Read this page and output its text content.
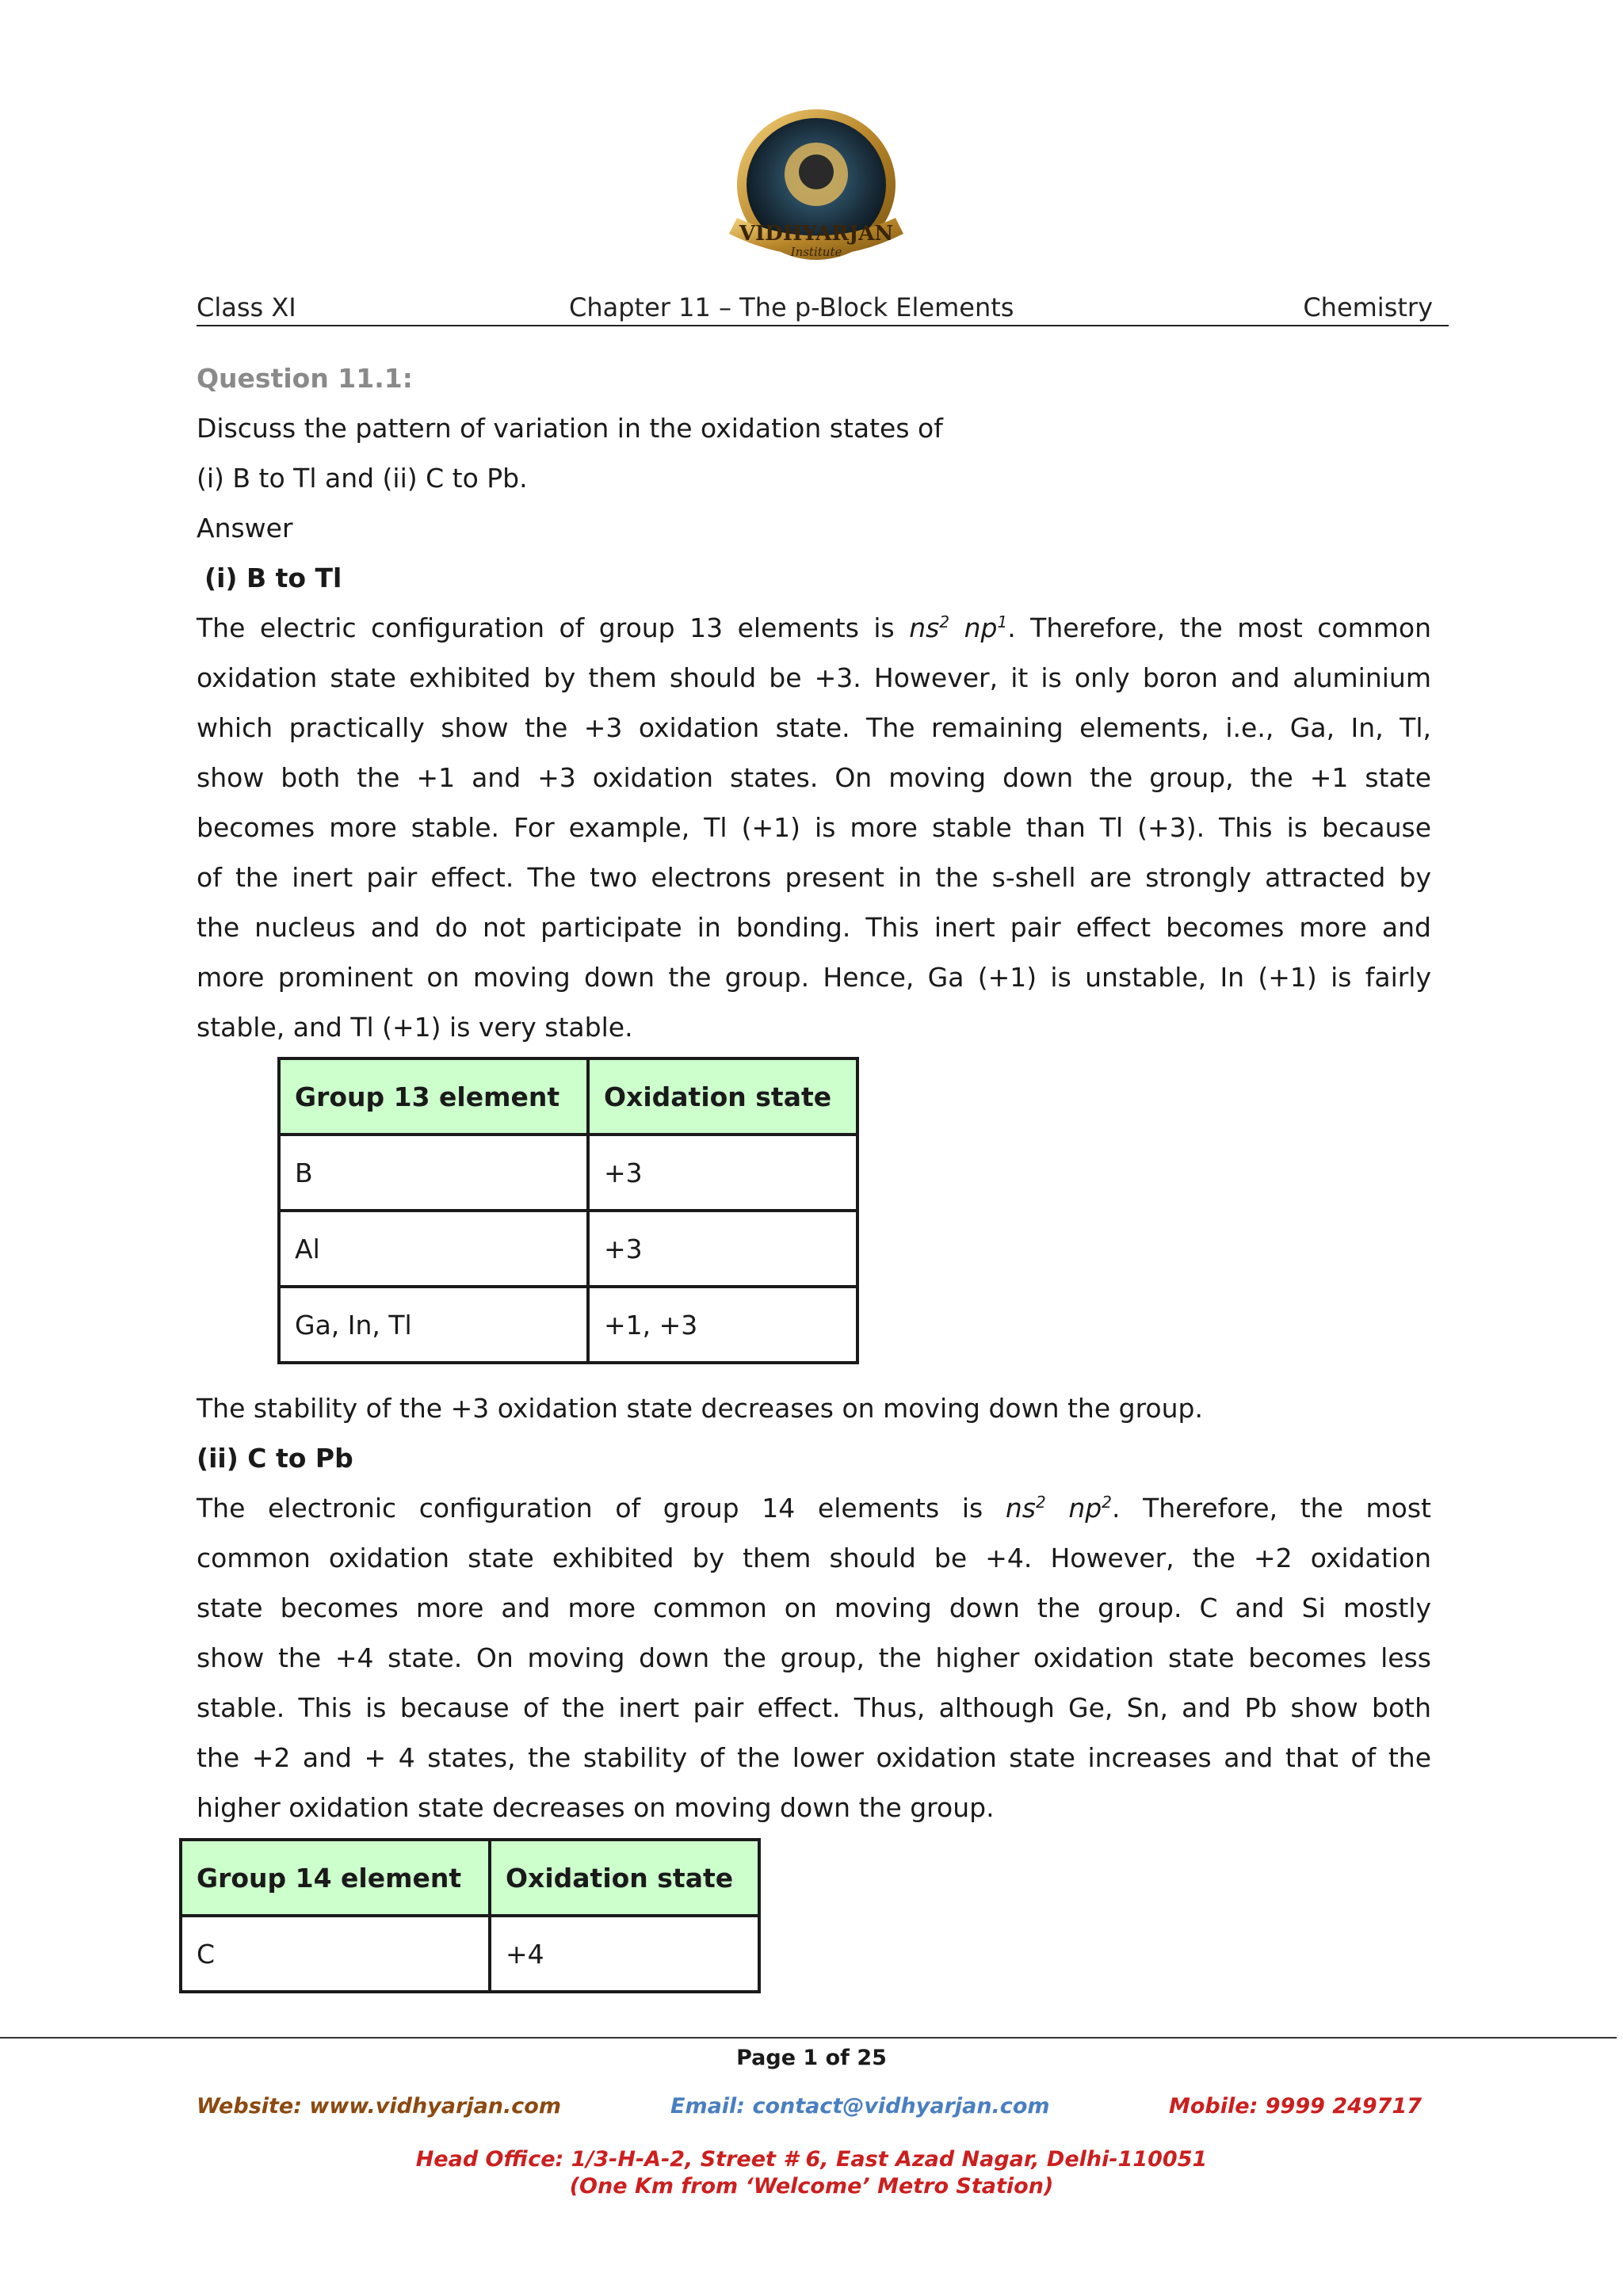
VIDHYARJAN
Institute
Class XI	Chapter 11 – The p-Block Elements	Chemistry
Question 11.1:
Discuss the pattern of variation in the oxidation states of
(i) B to Tl and (ii) C to Pb.
Answer
(i) B to Tl
The electric configuration of group 13 elements is $ns^2$ $np^1$. Therefore, the most common
oxidation state exhibited by them should be +3. However, it is only boron and aluminium
which practically show the +3 oxidation state. The remaining elements, i.e., Ga, In, Tl,
show both the +1 and +3 oxidation states. On moving down the group, the +1 state
becomes more stable. For example, Tl (+1) is more stable than Tl (+3). This is because
of the inert pair effect. The two electrons present in the s-shell are strongly attracted by
the nucleus and do not participate in bonding. This inert pair effect becomes more and
more prominent on moving down the group. Hence, Ga (+1) is unstable, In (+1) is fairly
stable, and Tl (+1) is very stable.
Group 13 element	Oxidation state
B	+3
Al	+3
Ga, In, Tl	+1, +3
The stability of the +3 oxidation state decreases on moving down the group.
(ii) C to Pb
The electronic configuration of group 14 elements is $ns^2$ $np^2$. Therefore, the most
common oxidation state exhibited by them should be +4. However, the +2 oxidation
state becomes more and more common on moving down the group. C and Si mostly
show the +4 state. On moving down the group, the higher oxidation state becomes less
stable. This is because of the inert pair effect. Thus, although Ge, Sn, and Pb show both
the +2 and + 4 states, the stability of the lower oxidation state increases and that of the
higher oxidation state decreases on moving down the group.
Group 14 element	Oxidation state
C	+4
Page 1 of 25
Website: www.vidhyarjan.com	Email: contact@vidhyarjan.com	Mobile: 9999 249717
Head Office: 1/3-H-A-2, Street # 6, East Azad Nagar, Delhi-110051
(One Km from ‘Welcome’ Metro Station)
